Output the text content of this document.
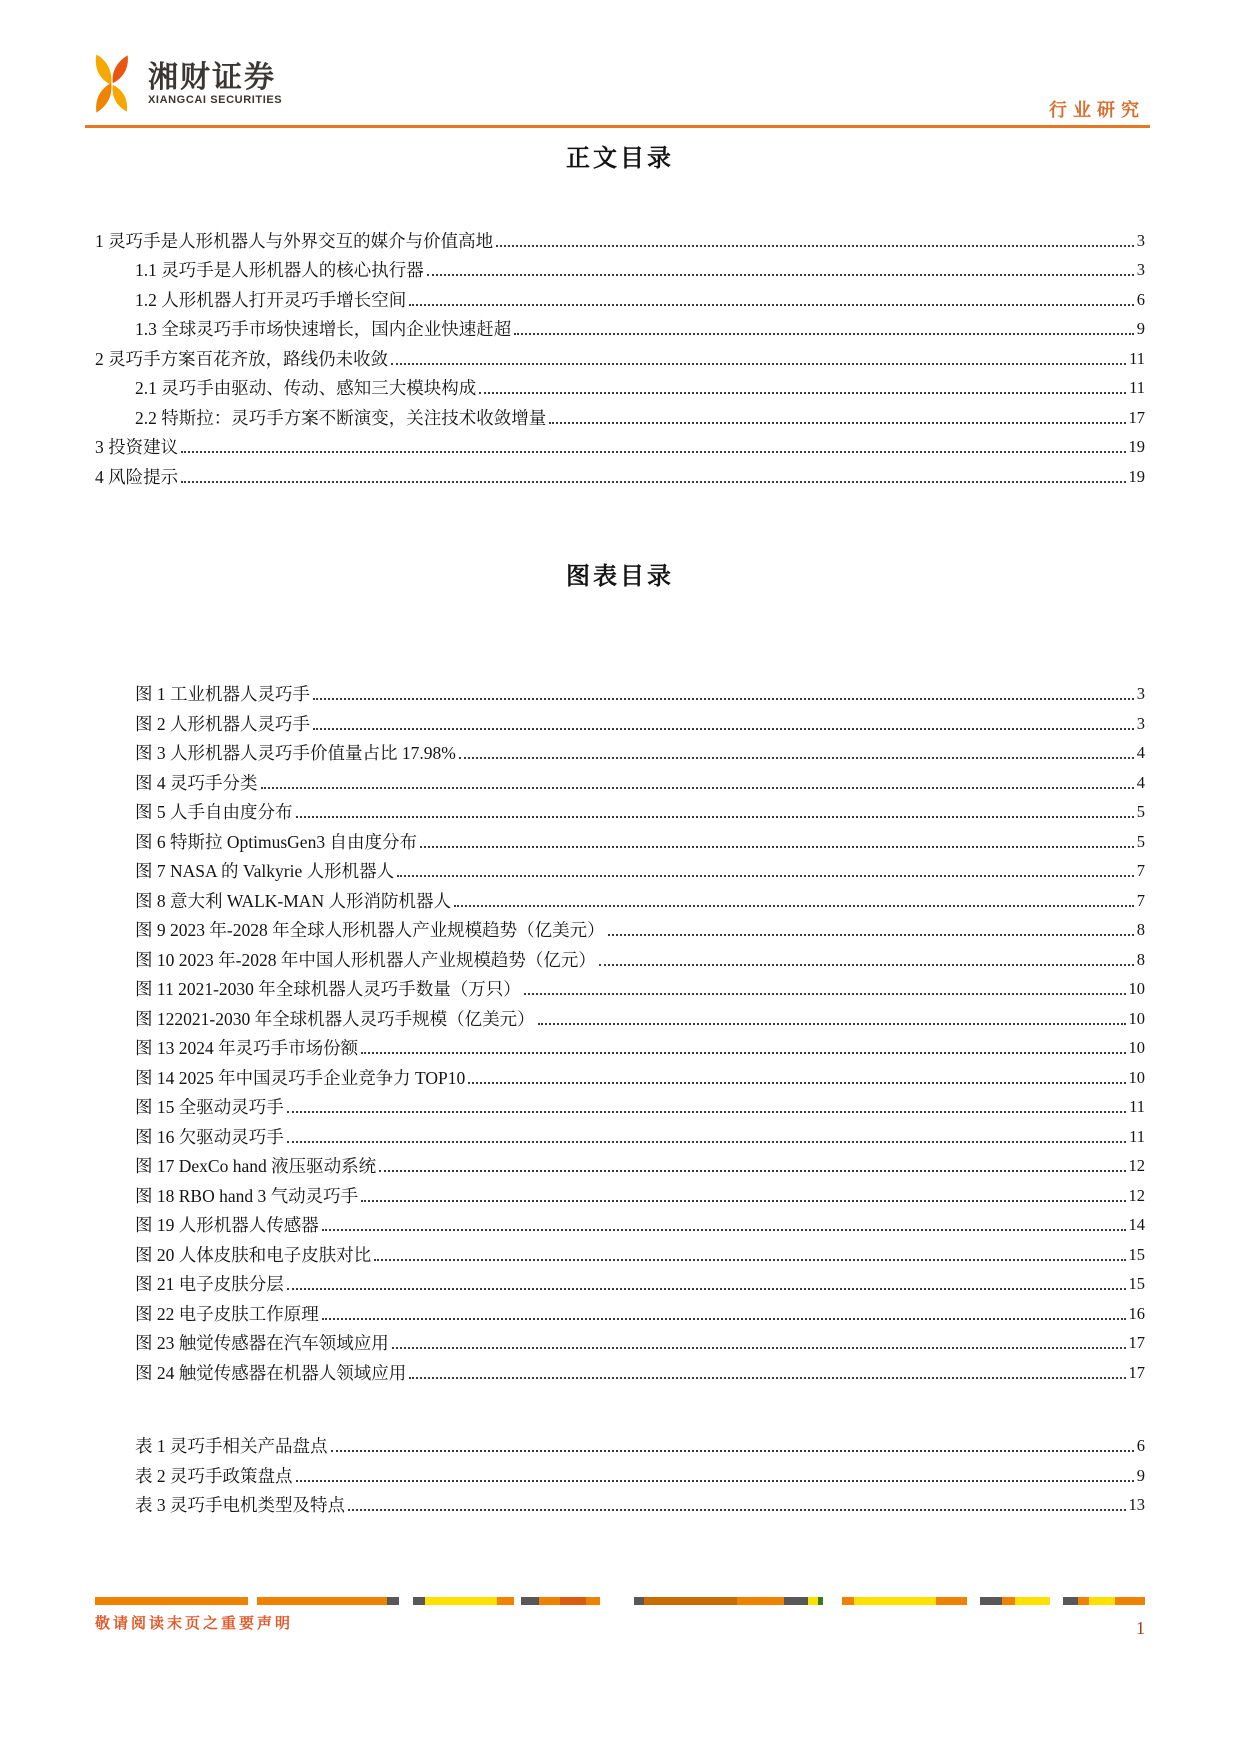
湘财证券
XIANGCAI SECURITIES
行业研究
正文目录
1 灵巧手是人形机器人与外界交互的媒介与价值高地	3
1.1 灵巧手是人形机器人的核心执行器	3
1.2 人形机器人打开灵巧手增长空间	6
1.3 全球灵巧手市场快速增长，国内企业快速赶超	9
2 灵巧手方案百花齐放，路线仍未收敛	11
2.1 灵巧手由驱动、传动、感知三大模块构成	11
2.2 特斯拉：灵巧手方案不断演变，关注技术收敛增量	17
3 投资建议	19
4 风险提示	19
图表目录
图 1 工业机器人灵巧手	3
图 2 人形机器人灵巧手	3
图 3 人形机器人灵巧手价值量占比 17.98%	4
图 4 灵巧手分类	4
图 5 人手自由度分布	5
图 6 特斯拉 OptimusGen3 自由度分布	5
图 7 NASA 的 Valkyrie 人形机器人	7
图 8 意大利 WALK-MAN 人形消防机器人	7
图 9 2023 年-2028 年全球人形机器人产业规模趋势（亿美元）	8
图 10 2023 年-2028 年中国人形机器人产业规模趋势（亿元）	8
图 11 2021-2030 年全球机器人灵巧手数量（万只）	10
图 122021-2030 年全球机器人灵巧手规模（亿美元）	10
图 13 2024 年灵巧手市场份额	10
图 14 2025 年中国灵巧手企业竞争力 TOP10	10
图 15 全驱动灵巧手	11
图 16 欠驱动灵巧手	11
图 17 DexCo hand 液压驱动系统	12
图 18 RBO hand 3 气动灵巧手	12
图 19 人形机器人传感器	14
图 20 人体皮肤和电子皮肤对比	15
图 21 电子皮肤分层	15
图 22 电子皮肤工作原理	16
图 23 触觉传感器在汽车领域应用	17
图 24 触觉传感器在机器人领域应用	17
表 1 灵巧手相关产品盘点	6
表 2 灵巧手政策盘点	9
表 3 灵巧手电机类型及特点	13
敬请阅读末页之重要声明	1
